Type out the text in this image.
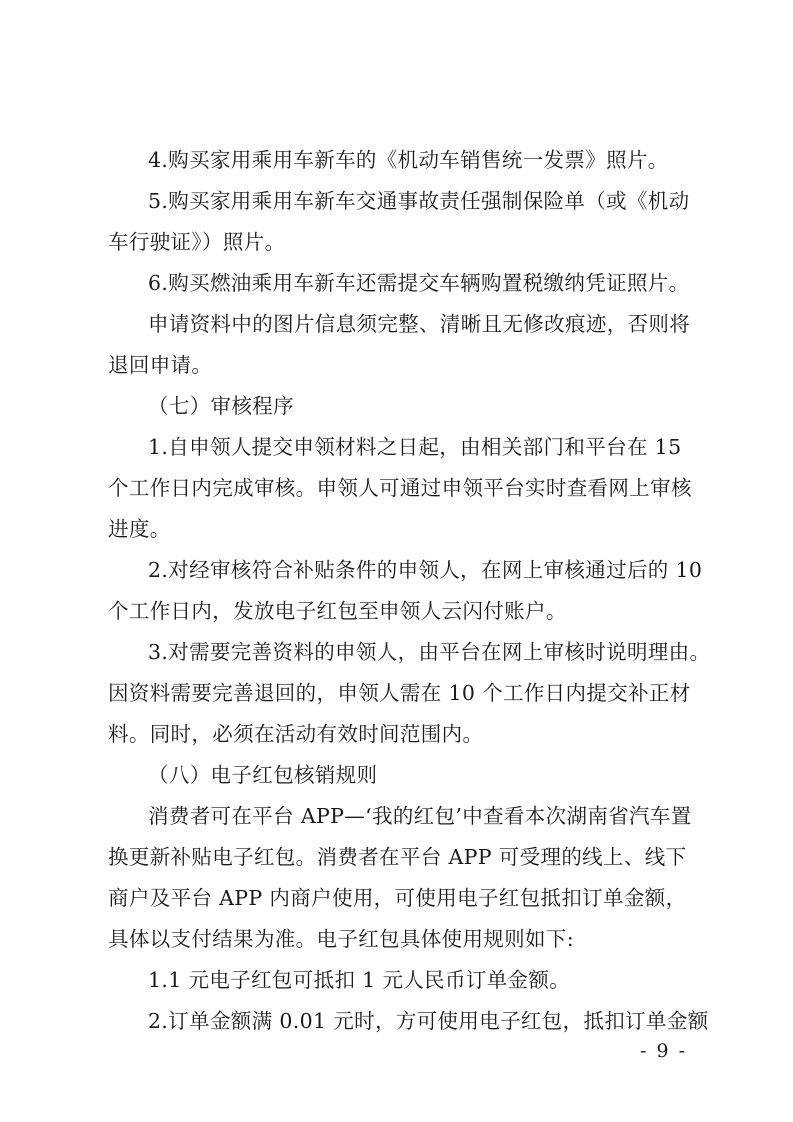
4.购买家用乘用车新车的《机动车销售统一发票》照片。
5.购买家用乘用车新车交通事故责任强制保险单（或《机动
车行驶证》）照片。
6.购买燃油乘用车新车还需提交车辆购置税缴纳凭证照片。
申请资料中的图片信息须完整、清晰且无修改痕迹，否则将
退回申请。
（七）审核程序
1.自申领人提交申领材料之日起，由相关部门和平台在 15
个工作日内完成审核。申领人可通过申领平台实时查看网上审核
进度。
2.对经审核符合补贴条件的申领人，在网上审核通过后的 10
个工作日内，发放电子红包至申领人云闪付账户。
3.对需要完善资料的申领人，由平台在网上审核时说明理由。
因资料需要完善退回的，申领人需在 10 个工作日内提交补正材
料。同时，必须在活动有效时间范围内。
（八）电子红包核销规则
消费者可在平台 APP—‘我的红包’中查看本次湖南省汽车置
换更新补贴电子红包。消费者在平台 APP 可受理的线上、线下
商户及平台 APP 内商户使用，可使用电子红包抵扣订单金额，
具体以支付结果为准。电子红包具体使用规则如下:
1.1 元电子红包可抵扣 1 元人民币订单金额。
2.订单金额满 0.01 元时，方可使用电子红包，抵扣订单金额
- 9 -
